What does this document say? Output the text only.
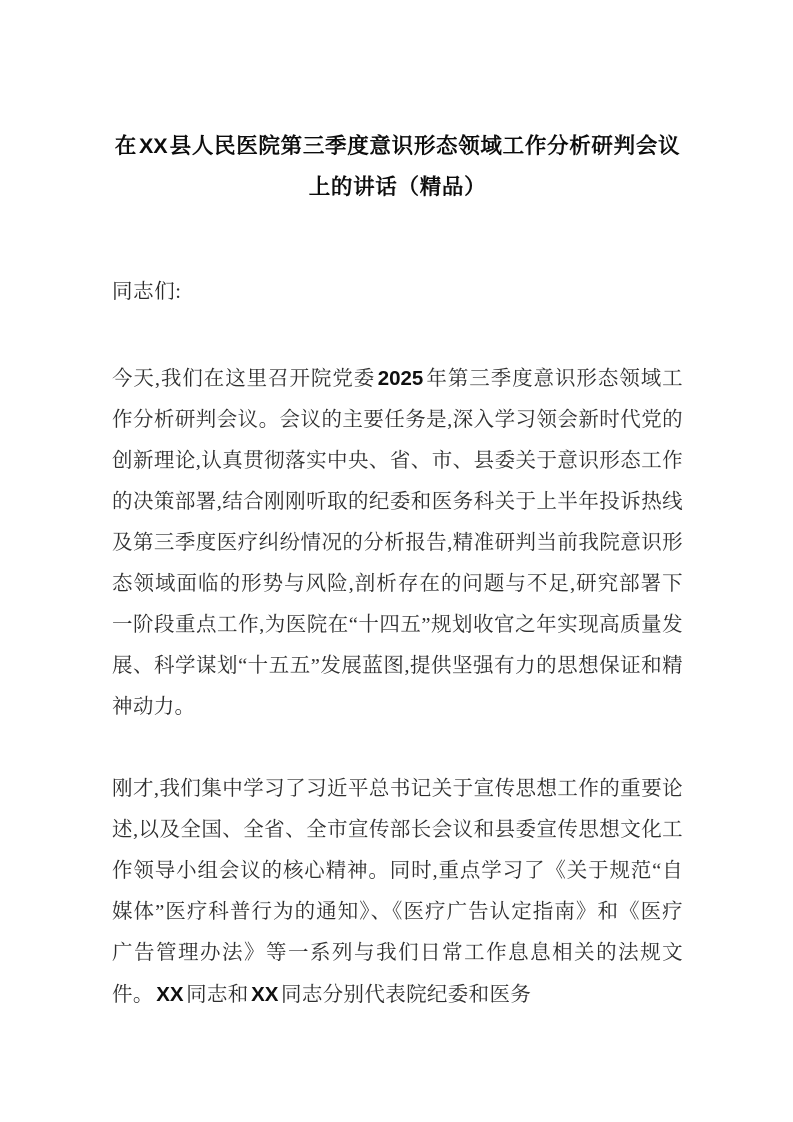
在XX县人民医院第三季度意识形态领域工作分析研判会议上的讲话（精品）

同志们:

今天,我们在这里召开院党委 2025 年第三季度意识形态领域工作分析研判会议。会议的主要任务是,深入学习领会新时代党的创新理论,认真贯彻落实中央、省、市、县委关于意识形态工作的决策部署,结合刚刚听取的纪委和医务科关于上半年投诉热线及第三季度医疗纠纷情况的分析报告,精准研判当前我院意识形态领域面临的形势与风险,剖析存在的问题与不足,研究部署下一阶段重点工作,为医院在“十四五”规划收官之年实现高质量发展、科学谋划“十五五”发展蓝图,提供坚强有力的思想保证和精神动力。

刚才,我们集中学习了习近平总书记关于宣传思想工作的重要论述,以及全国、全省、全市宣传部长会议和县委宣传思想文化工作领导小组会议的核心精神。同时,重点学习了《关于规范“自媒体”医疗科普行为的通知》、《医疗广告认定指南》和《医疗广告管理办法》等一系列与我们日常工作息息相关的法规文件。 XX 同志和 XX 同志分别代表院纪委和医务
